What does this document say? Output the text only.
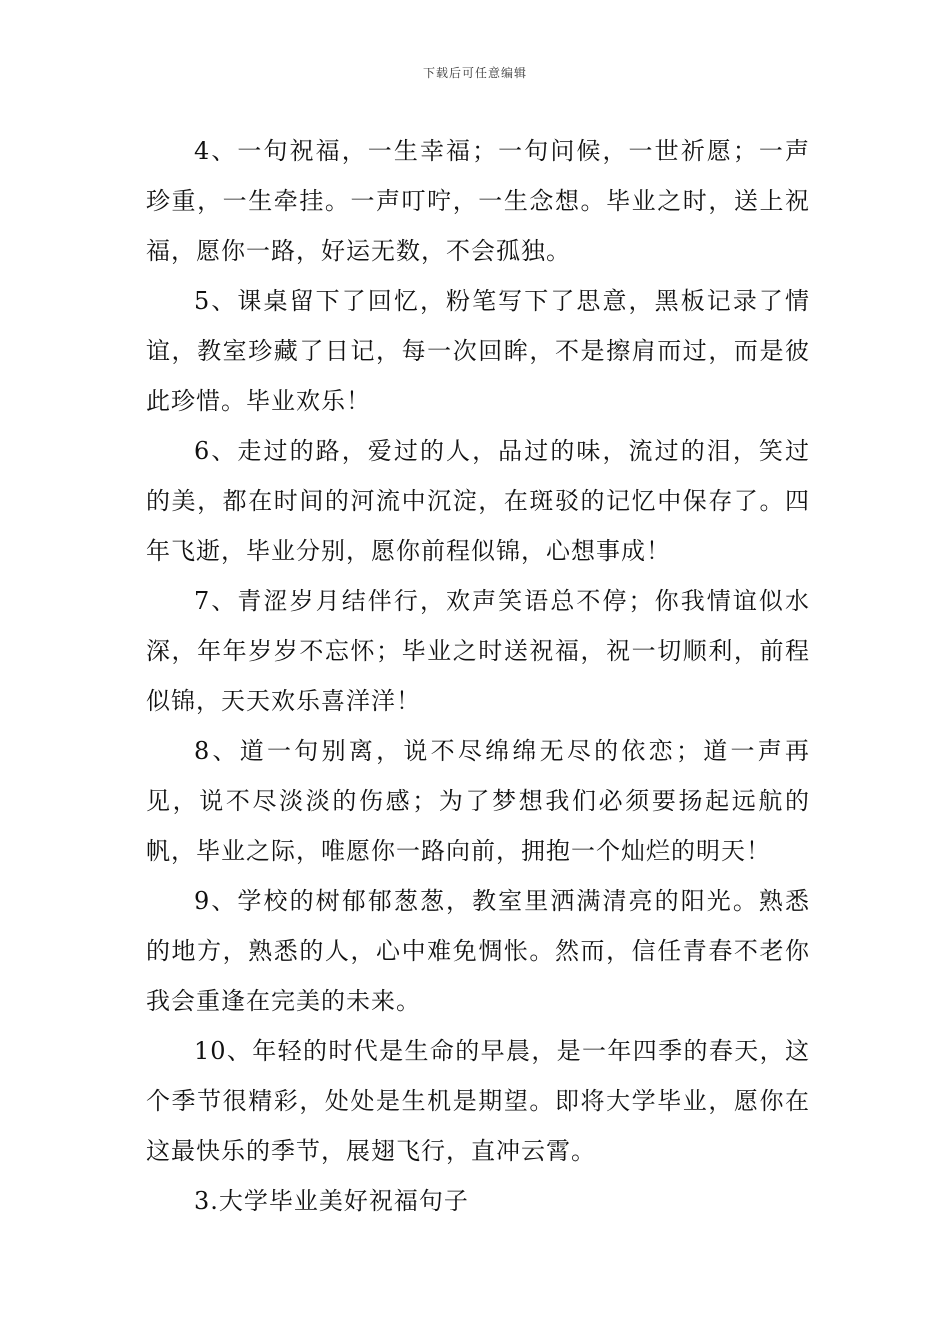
下载后可任意编辑

4、一句祝福，一生幸福；一句问候，一世祈愿；一声珍重，一生牵挂。一声叮咛，一生念想。毕业之时，送上祝福，愿你一路，好运无数，不会孤独。

5、课桌留下了回忆，粉笔写下了思意，黑板记录了情谊，教室珍藏了日记，每一次回眸，不是擦肩而过，而是彼此珍惜。毕业欢乐！

6、走过的路，爱过的人，品过的味，流过的泪，笑过的美，都在时间的河流中沉淀，在斑驳的记忆中保存了。四年飞逝，毕业分别，愿你前程似锦，心想事成！

7、青涩岁月结伴行，欢声笑语总不停；你我情谊似水深，年年岁岁不忘怀；毕业之时送祝福，祝一切顺利，前程似锦，天天欢乐喜洋洋！

8、道一句别离，说不尽绵绵无尽的依恋；道一声再见，说不尽淡淡的伤感；为了梦想我们必须要扬起远航的帆，毕业之际，唯愿你一路向前，拥抱一个灿烂的明天！

9、学校的树郁郁葱葱，教室里洒满清亮的阳光。熟悉的地方，熟悉的人，心中难免惆怅。然而，信任青春不老你我会重逢在完美的未来。

10、年轻的时代是生命的早晨，是一年四季的春天，这个季节很精彩，处处是生机是期望。即将大学毕业，愿你在这最快乐的季节，展翅飞行，直冲云霄。

3.大学毕业美好祝福句子
